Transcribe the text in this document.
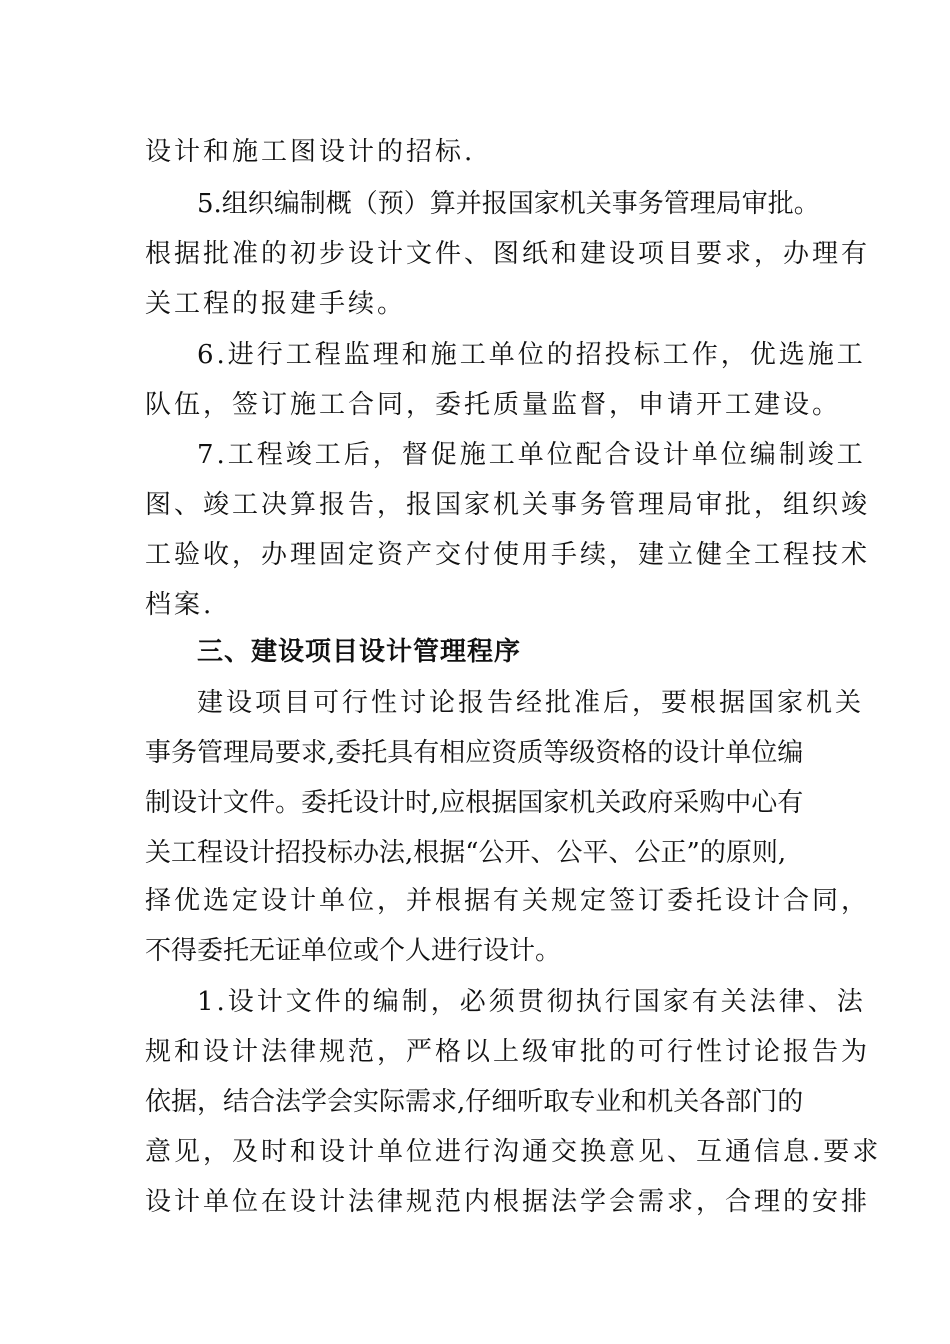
设计和施工图设计的招标.
5.组织编制概（预）算并报国家机关事务管理局审批。
根据批准的初步设计文件、图纸和建设项目要求，办理有
关工程的报建手续。
6.进行工程监理和施工单位的招投标工作，优选施工
队伍，签订施工合同，委托质量监督，申请开工建设。
7.工程竣工后，督促施工单位配合设计单位编制竣工
图、竣工决算报告，报国家机关事务管理局审批，组织竣
工验收，办理固定资产交付使用手续，建立健全工程技术
档案.
三、建设项目设计管理程序
建设项目可行性讨论报告经批准后，要根据国家机关
事务管理局要求,委托具有相应资质等级资格的设计单位编
制设计文件。委托设计时,应根据国家机关政府采购中心有
关工程设计招投标办法,根据“公开、公平、公正”的原则,
择优选定设计单位，并根据有关规定签订委托设计合同，
不得委托无证单位或个人进行设计。
1.设计文件的编制，必须贯彻执行国家有关法律、法
规和设计法律规范，严格以上级审批的可行性讨论报告为
依据，结合法学会实际需求,仔细听取专业和机关各部门的
意见，及时和设计单位进行沟通交换意见、互通信息.要求
设计单位在设计法律规范内根据法学会需求，合理的安排
